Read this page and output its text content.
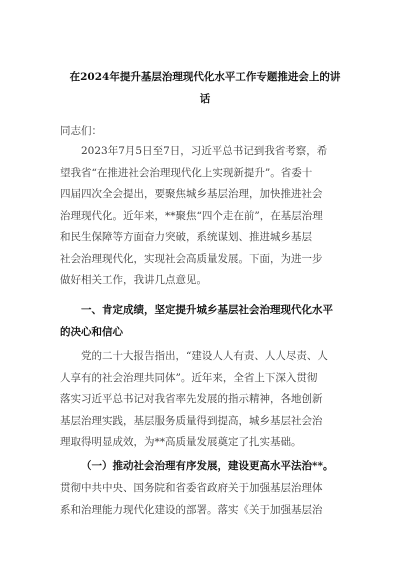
在2024年提升基层治理现代化水平工作专题推进会上的讲
话
同志们：
2023年7月5日至7日，习近平总书记到我省考察，希
望我省“在推进社会治理现代化上实现新提升”。省委十
四届四次全会提出，要聚焦城乡基层治理，加快推进社会
治理现代化。近年来，**聚焦“四个走在前”，在基层治理
和民生保障等方面奋力突破，系统谋划、推进城乡基层
社会治理现代化，实现社会高质量发展。下面，为进一步
做好相关工作，我讲几点意见。
一、肯定成绩，坚定提升城乡基层社会治理现代化水平
的决心和信心
党的二十大报告指出，“建设人人有责、人人尽责、人
人享有的社会治理共同体”。近年来，全省上下深入贯彻
落实习近平总书记对我省率先发展的指示精神，各地创新
基层治理实践，基层服务质量得到提高，城乡基层社会治
理取得明显成效，为**高质量发展奠定了扎实基础。
（一）推动社会治理有序发展，建设更高水平法治**。
贯彻中共中央、国务院和省委省政府关于加强基层治理体
系和治理能力现代化建设的部署。落实《关于加强基层治
